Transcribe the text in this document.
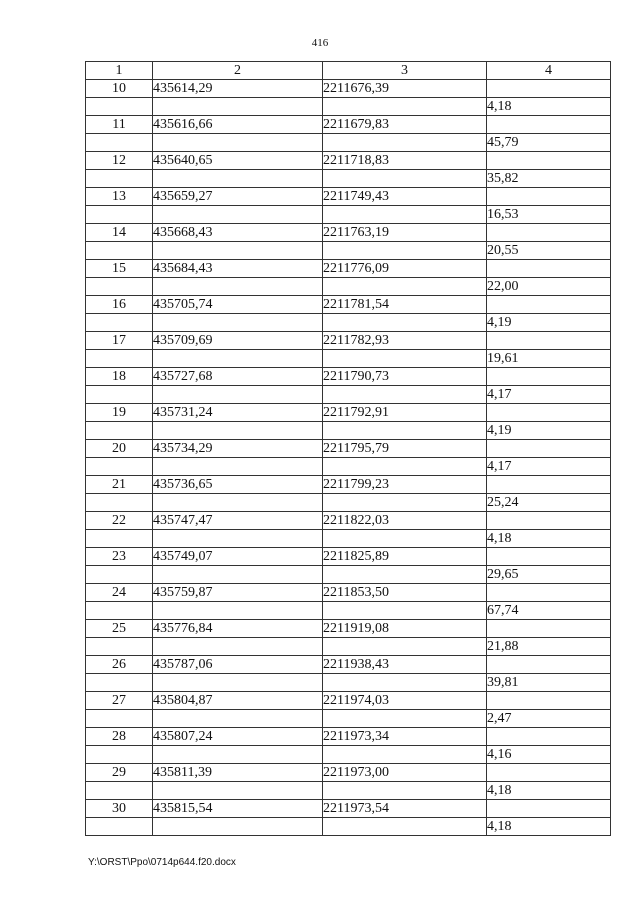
416
1	2	3	4
10	435614,29	2211676,39	
			4,18
11	435616,66	2211679,83	
			45,79
12	435640,65	2211718,83	
			35,82
13	435659,27	2211749,43	
			16,53
14	435668,43	2211763,19	
			20,55
15	435684,43	2211776,09	
			22,00
16	435705,74	2211781,54	
			4,19
17	435709,69	2211782,93	
			19,61
18	435727,68	2211790,73	
			4,17
19	435731,24	2211792,91	
			4,19
20	435734,29	2211795,79	
			4,17
21	435736,65	2211799,23	
			25,24
22	435747,47	2211822,03	
			4,18
23	435749,07	2211825,89	
			29,65
24	435759,87	2211853,50	
			67,74
25	435776,84	2211919,08	
			21,88
26	435787,06	2211938,43	
			39,81
27	435804,87	2211974,03	
			2,47
28	435807,24	2211973,34	
			4,16
29	435811,39	2211973,00	
			4,18
30	435815,54	2211973,54	
			4,18
Y:\ORST\Ppo\0714p644.f20.docx
